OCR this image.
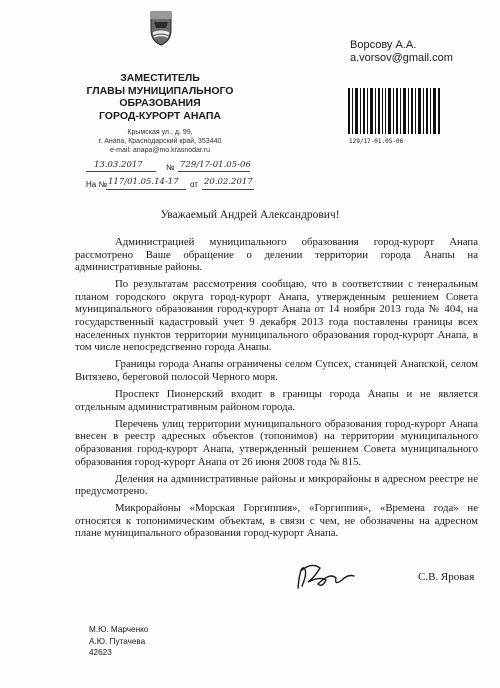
ЗАМЕСТИТЕЛЬ
ГЛАВЫ МУНИЦИПАЛЬНОГО
ОБРАЗОВАНИЯ
ГОРОД-КУРОРТ АНАПА
Крымская ул., д. 99,
г. Анапа, Краснодарский край, 353440
e-mail: anapa@mo.krasnodar.ru
13.03.2017	№ 729/17-01.05-06
На № 117/01.05.14-17 от 20.02.2017
Ворсову А.А.
a.vorsov@gmail.com
129/17-01.05-06
Уважаемый Андрей Александрович!

Администрацией муниципального образования город-курорт Анапа рассмотрено Ваше обращение о делении территории города Анапы на административные районы.

По результатам рассмотрения сообщаю, что в соответствии с генеральным планом городского округа город-курорт Анапа, утвержденным решением Совета муниципального образования город-курорт Анапа от 14 ноября 2013 года № 404, на государственный кадастровый учет 9 декабря 2013 года поставлены границы всех населенных пунктов территории муниципального образования город-курорт Анапа, в том числе непосредственно города Анапы.

Границы города Анапы ограничены селом Супсех, станицей Анапской, селом Витязево, береговой полосой Черного моря.

Проспект Пионерский входит в границы города Анапы и не является отдельным административным районом города.

Перечень улиц территории муниципального образования город-курорт Анапа внесен в реестр адресных объектов (топонимов) на территории муниципального образования город-курорт Анапа, утвержденный решением Совета муниципального образования город-курорт Анапа от 26 июня 2008 года № 815.

Деления на административные районы и микрорайоны в адресном реестре не предусмотрено.

Микрорайоны «Морская Горгиппия», «Горгиппия», «Времена года» не относятся к топонимическим объектам, в связи с чем, не обозначены на адресном плане муниципального образования город-курорт Анапа.

С.В. Яровая
М.Ю. Марченко
А.Ю. Путачева
42623
